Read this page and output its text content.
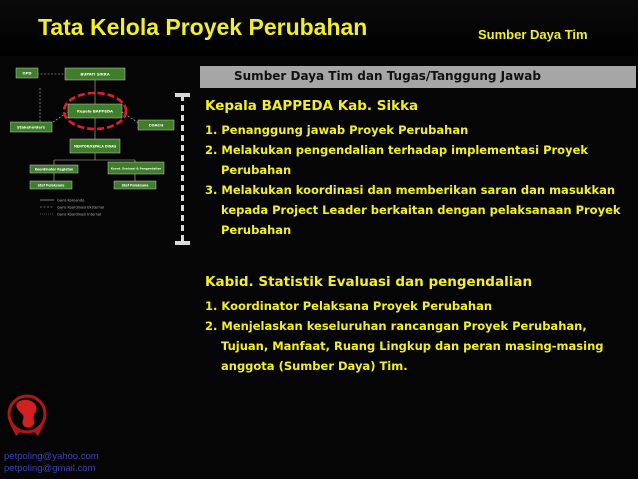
Tata Kelola Proyek Perubahan	Sumber Daya Tim
OPD	BUPATI SIKKA
Kepala BAPPEDA
Stakeholders	COACH
MENTOR/KEPALA DINAS
Koordinator Kegiatan	Koord. Evaluasi & Pengendalian
Staf Pelaksana	Staf Pelaksana
Garis Komando
Garis Koordinasi Eksternal
Garis Koordinasi Internal
Sumber Daya Tim dan Tugas/Tanggung Jawab
Kepala BAPPEDA Kab. Sikka
1. Penanggung jawab Proyek Perubahan
2. Melakukan pengendalian terhadap implementasi Proyek Perubahan
3. Melakukan koordinasi dan memberikan saran dan masukkan kepada Project Leader berkaitan dengan pelaksanaan Proyek Perubahan
Kabid. Statistik Evaluasi dan pengendalian
1. Koordinator Pelaksana Proyek Perubahan
2. Menjelaskan keseluruhan rancangan Proyek Perubahan, Tujuan, Manfaat, Ruang Lingkup dan peran masing-masing anggota (Sumber Daya) Tim.
petpoling@yahoo.com
petpoling@gmail.com
